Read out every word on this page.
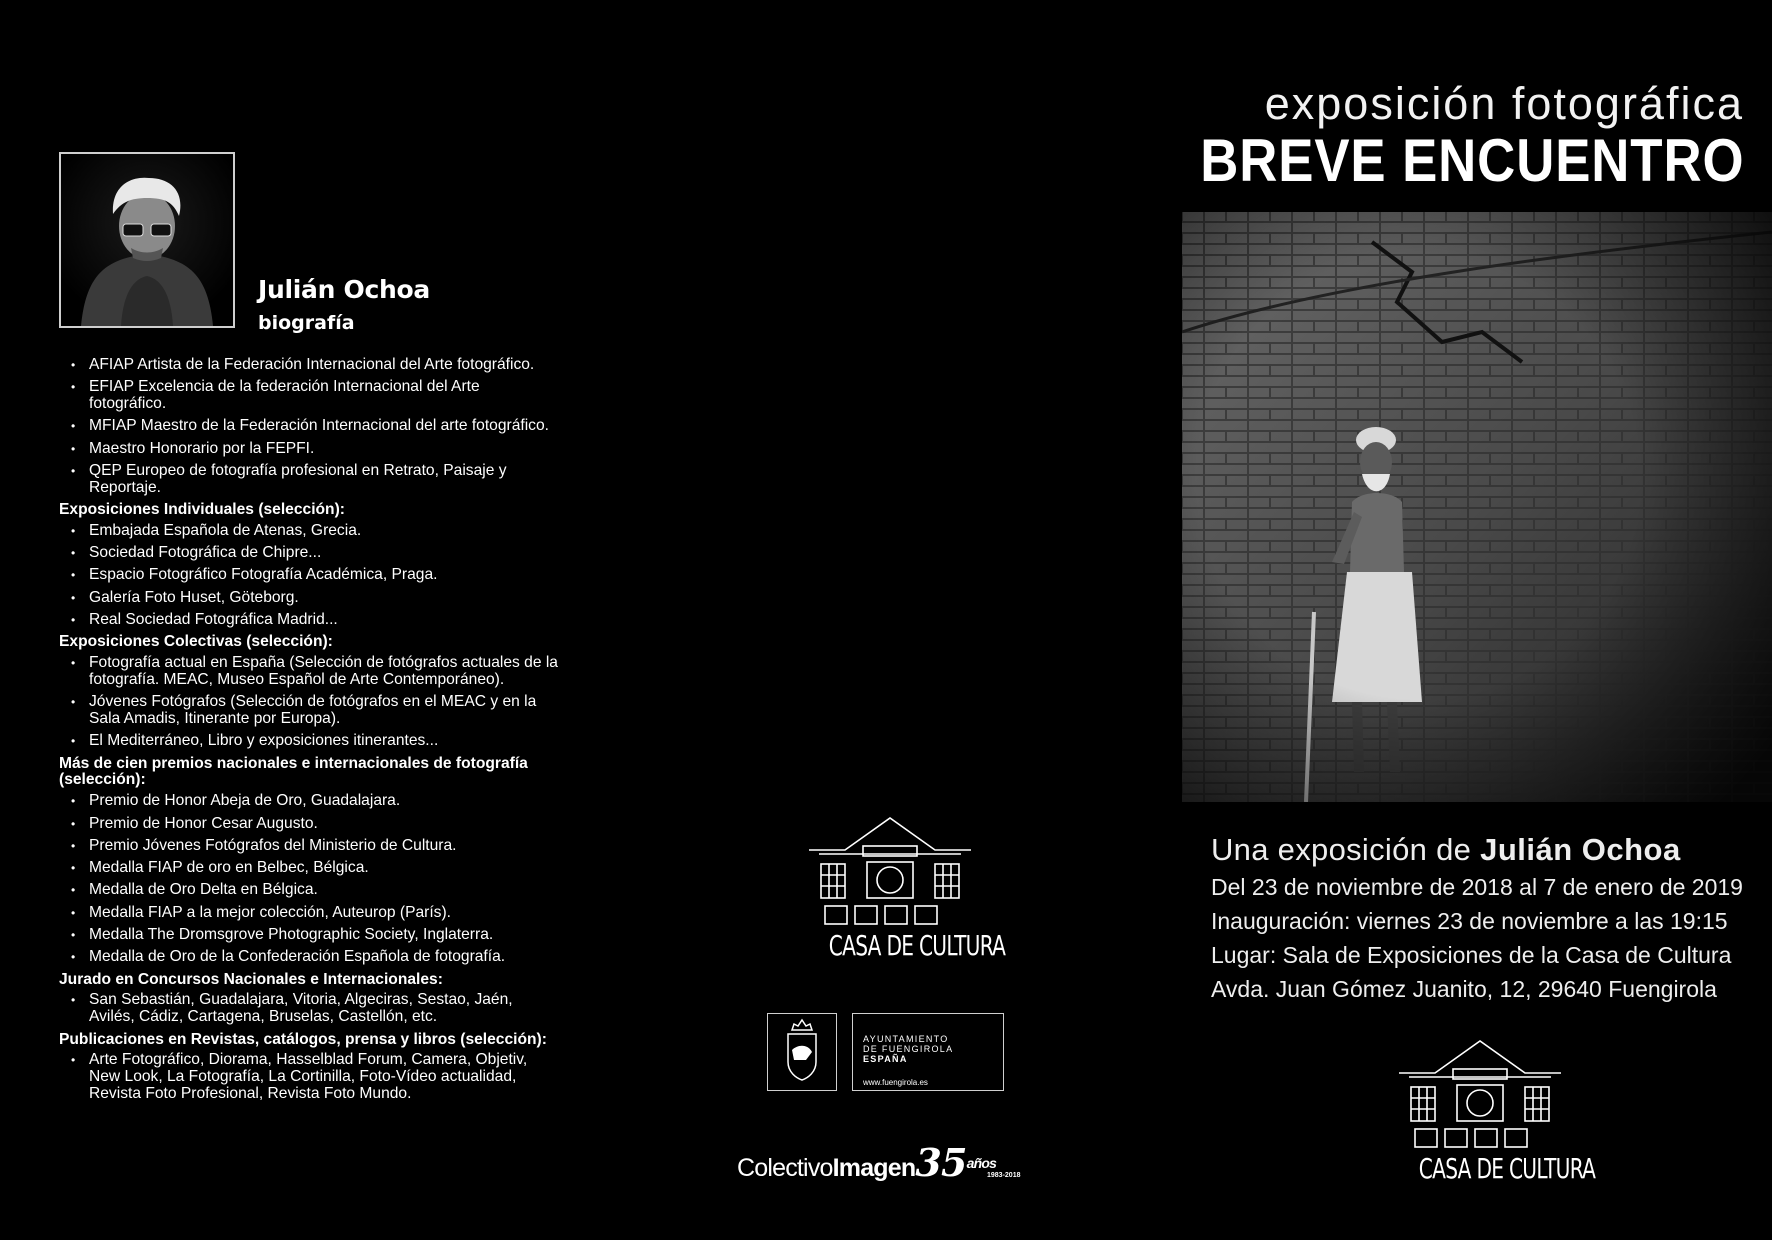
Julián Ochoa
biografía
• AFIAP Artista de la Federación Internacional del Arte fotográfico.
• EFIAP Excelencia de la federación Internacional del Arte fotográfico.
• MFIAP Maestro de la Federación Internacional del arte fotográfico.
• Maestro Honorario por la FEPFI.
• QEP Europeo de fotografía profesional en Retrato, Paisaje y Reportaje.
Exposiciones Individuales (selección):
• Embajada Española de Atenas, Grecia.
• Sociedad Fotográfica de Chipre...
• Espacio Fotográfico Fotografía Académica, Praga.
• Galería Foto Huset, Göteborg.
• Real Sociedad Fotográfica Madrid...
Exposiciones Colectivas (selección):
• Fotografía actual en España (Selección de fotógrafos actuales de la fotografía. MEAC, Museo Español de Arte Contemporáneo).
• Jóvenes Fotógrafos (Selección de fotógrafos en el MEAC y en la Sala Amadis, Itinerante por Europa).
• El Mediterráneo, Libro y exposiciones itinerantes...
Más de cien premios nacionales e internacionales de fotografía (selección):
• Premio de Honor Abeja de Oro, Guadalajara.
• Premio de Honor Cesar Augusto.
• Premio Jóvenes Fotógrafos del Ministerio de Cultura.
• Medalla FIAP de oro en Belbec, Bélgica.
• Medalla de Oro Delta en Bélgica.
• Medalla FIAP a la mejor colección, Auteurop (París).
• Medalla The Dromsgrove Photographic Society, Inglaterra.
• Medalla de Oro de la Confederación Española de fotografía.
Jurado en Concursos Nacionales e Internacionales:
• San Sebastián, Guadalajara, Vitoria, Algeciras, Sestao, Jaén, Avilés, Cádiz, Cartagena, Bruselas, Castellón, etc.
Publicaciones en Revistas, catálogos, prensa y libros (selección):
• Arte Fotográfico, Diorama, Hasselblad Forum, Camera, Objetiv, New Look, La Fotografía, La Cortinilla, Foto-Vídeo actualidad, Revista Foto Profesional, Revista Foto Mundo.
CASA DE CULTURA
AYUNTAMIENTO
DE FUENGIROLA
ESPAÑA
www.fuengirola.es
$ColectivoImagen35^{años}$
1983-2018
exposición fotográfica
BREVE ENCUENTRO
Una exposición de Julián Ochoa
Del 23 de noviembre de 2018 al 7 de enero de 2019
Inauguración: viernes 23 de noviembre a las 19:15
Lugar: Sala de Exposiciones de la Casa de Cultura
Avda. Juan Gómez Juanito, 12, 29640 Fuengirola
CASA DE CULTURA
